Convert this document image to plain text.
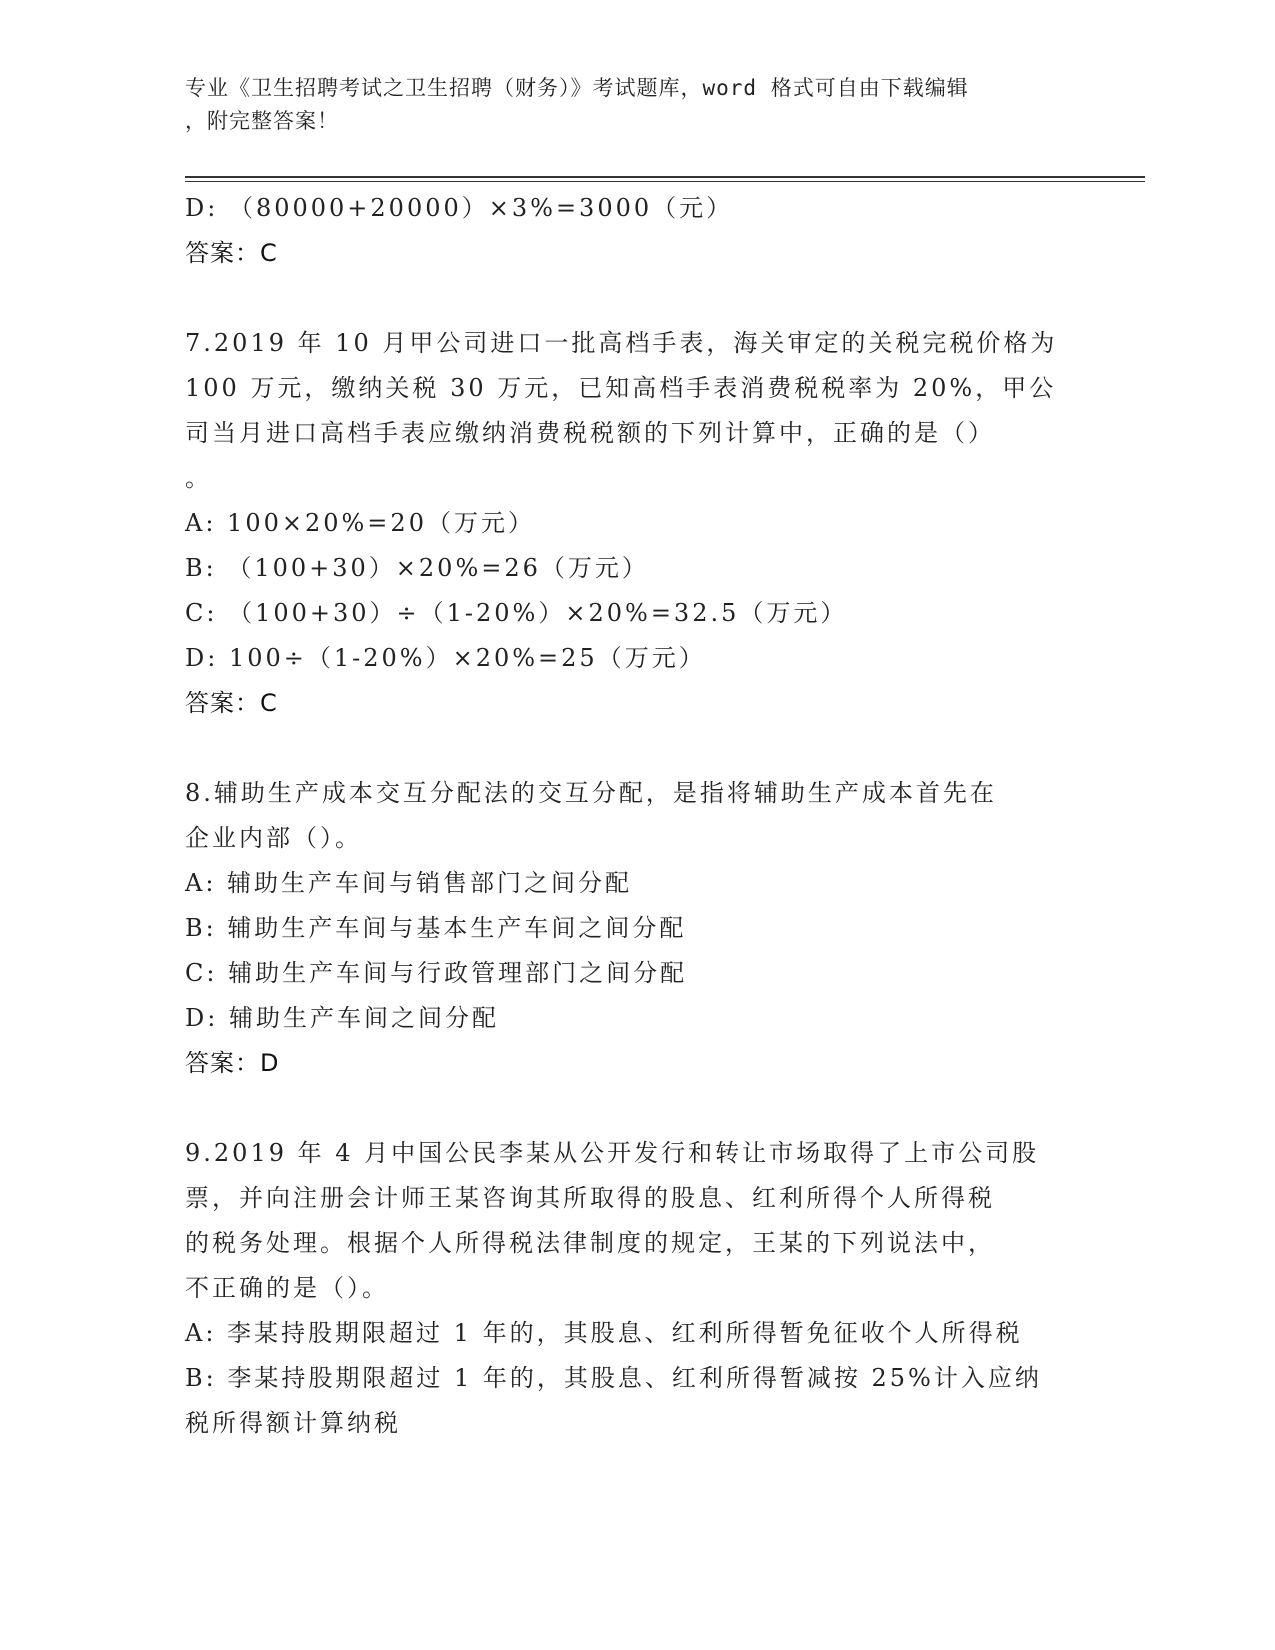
专业《卫生招聘考试之卫生招聘（财务）》考试题库，word 格式可自由下载编辑
，附完整答案！
D: （80000+20000）×3%=3000（元）
答案：C
7.2019 年 10 月甲公司进口一批高档手表，海关审定的关税完税价格为
100 万元，缴纳关税 30 万元，已知高档手表消费税税率为 20%，甲公
司当月进口高档手表应缴纳消费税税额的下列计算中，正确的是（）
。
A: 100×20%=20（万元）
B: （100+30）×20%=26（万元）
C: （100+30）÷（1-20%）×20%=32.5（万元）
D: 100÷（1-20%）×20%=25（万元）
答案：C
8.辅助生产成本交互分配法的交互分配，是指将辅助生产成本首先在
企业内部（）。
A: 辅助生产车间与销售部门之间分配
B: 辅助生产车间与基本生产车间之间分配
C: 辅助生产车间与行政管理部门之间分配
D: 辅助生产车间之间分配
答案：D
9.2019 年 4 月中国公民李某从公开发行和转让市场取得了上市公司股
票，并向注册会计师王某咨询其所取得的股息、红利所得个人所得税
的税务处理。根据个人所得税法律制度的规定，王某的下列说法中，
不正确的是（）。
A: 李某持股期限超过 1 年的，其股息、红利所得暂免征收个人所得税
B: 李某持股期限超过 1 年的，其股息、红利所得暂减按 25%计入应纳
税所得额计算纳税
